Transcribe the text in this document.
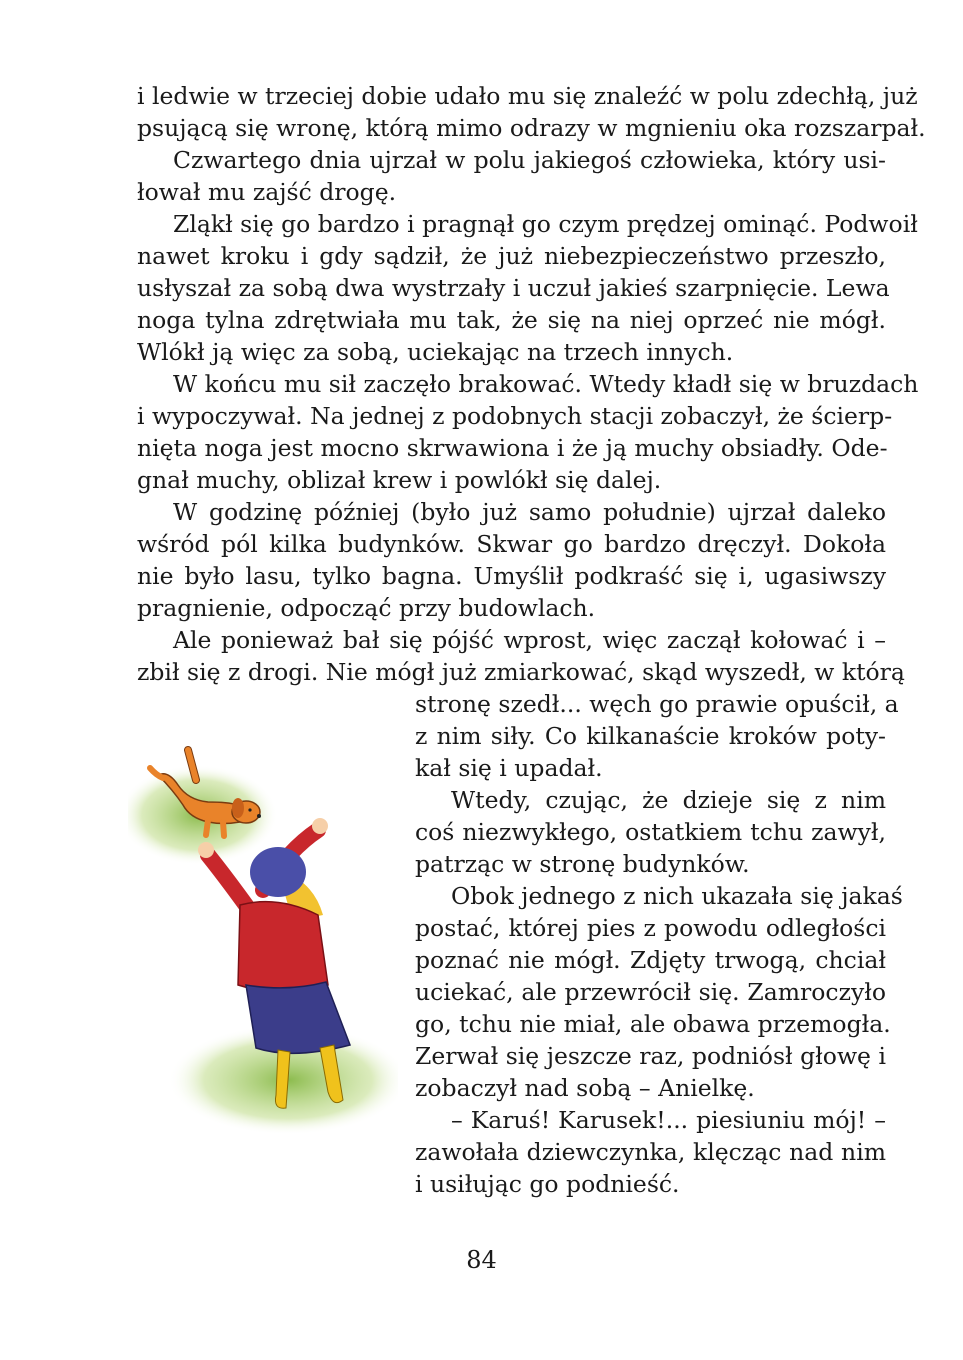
i ledwie w trzeciej dobie udało mu się znaleźć w polu zdechłą, już
psującą się wronę, którą mimo odrazy w mgnieniu oka rozszarpał.
Czwartego dnia ujrzał w polu jakiegoś człowieka, który usi-
łował mu zajść drogę.
Zląkł się go bardzo i pragnął go czym prędzej ominąć. Podwoił
nawet kroku i gdy sądził, że już niebezpieczeństwo przeszło,
usłyszał za sobą dwa wystrzały i uczuł jakieś szarpnięcie. Lewa
noga tylna zdrętwiała mu tak, że się na niej oprzeć nie mógł.
Wlókł ją więc za sobą, uciekając na trzech innych.
W końcu mu sił zaczęło brakować. Wtedy kładł się w bruzdach
i wypoczywał. Na jednej z podobnych stacji zobaczył, że ścierp-
nięta noga jest mocno skrwawiona i że ją muchy obsiadły. Ode-
gnał muchy, oblizał krew i powlókł się dalej.
W godzinę później (było już samo południe) ujrzał daleko
wśród pól kilka budynków. Skwar go bardzo dręczył. Dokoła
nie było lasu, tylko bagna. Umyślił podkraść się i, ugasiwszy
pragnienie, odpocząć przy budowlach.
Ale ponieważ bał się pójść wprost, więc zaczął kołować i –
zbił się z drogi. Nie mógł już zmiarkować, skąd wyszedł, w którą
stronę szedł... węch go prawie opuścił, a
z nim siły. Co kilkanaście kroków poty-
kał się i upadał.
Wtedy, czując, że dzieje się z nim
coś niezwykłego, ostatkiem tchu zawył,
patrząc w stronę budynków.
Obok jednego z nich ukazała się jakaś
postać, której pies z powodu odległości
poznać nie mógł. Zdjęty trwogą, chciał
uciekać, ale przewrócił się. Zamroczyło
go, tchu nie miał, ale obawa przemogła.
Zerwał się jeszcze raz, podniósł głowę i
zobaczył nad sobą – Anielkę.
– Karuś! Karusek!... piesiuniu mój! –
zawołała dziewczynka, klęcząc nad nim
i usiłując go podnieść.
84
